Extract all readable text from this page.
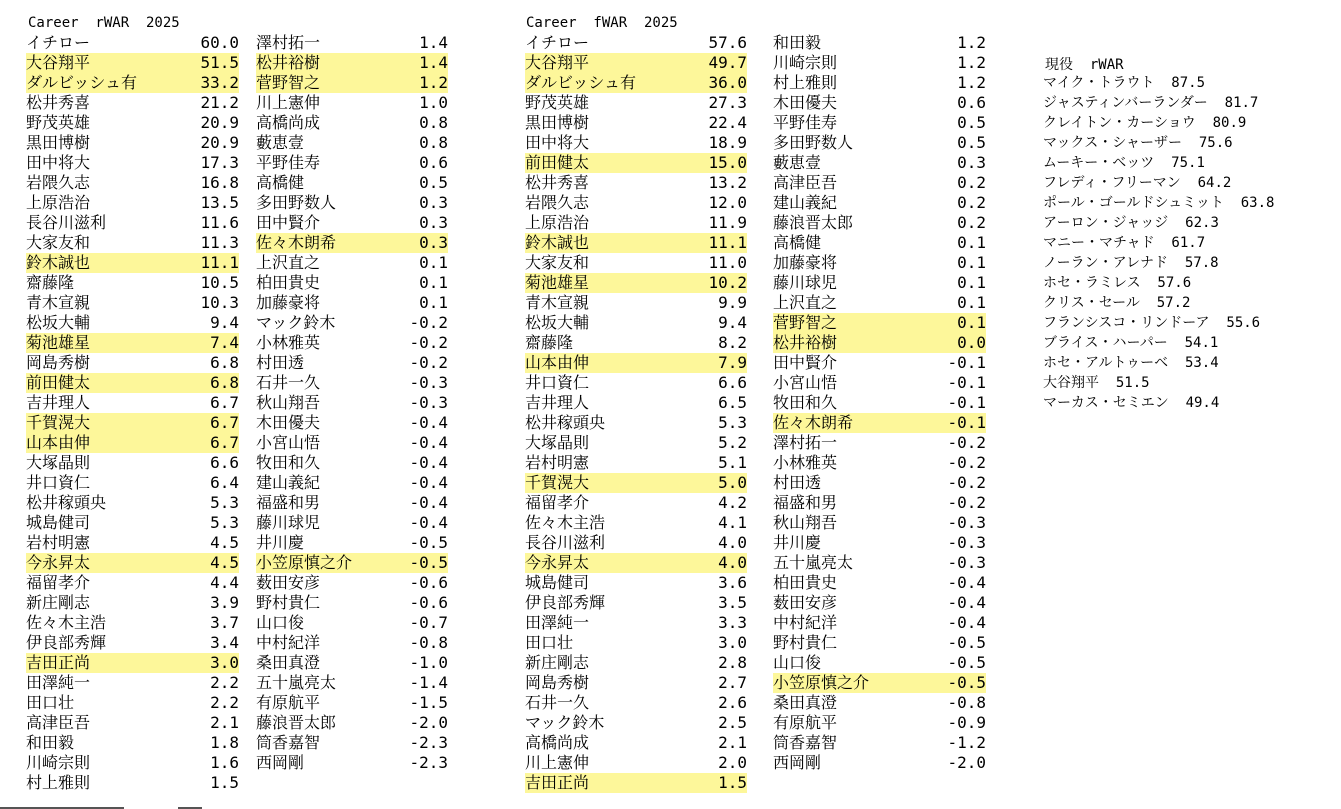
Career  rWAR  2025	Career  fWAR  2025
現役  rWAR
イチロー	60.0
大谷翔平	51.5
ダルビッシュ有	33.2
松井秀喜	21.2
野茂英雄	20.9
黒田博樹	20.9
田中将大	17.3
岩隈久志	16.8
上原浩治	13.5
長谷川滋利	11.6
大家友和	11.3
鈴木誠也	11.1
齋藤隆	10.5
青木宣親	10.3
松坂大輔	9.4
菊池雄星	7.4
岡島秀樹	6.8
前田健太	6.8
吉井理人	6.7
千賀滉大	6.7
山本由伸	6.7
大塚晶則	6.6
井口資仁	6.4
松井稼頭央	5.3
城島健司	5.3
岩村明憲	4.5
今永昇太	4.5
福留孝介	4.4
新庄剛志	3.9
佐々木主浩	3.7
伊良部秀輝	3.4
吉田正尚	3.0
田澤純一	2.2
田口壮	2.2
高津臣吾	2.1
和田毅	1.8
川崎宗則	1.6
村上雅則	1.5
澤村拓一	1.4
松井裕樹	1.4
菅野智之	1.2
川上憲伸	1.0
高橋尚成	0.8
藪恵壹	0.8
平野佳寿	0.6
高橋健	0.5
多田野数人	0.3
田中賢介	0.3
佐々木朗希	0.3
上沢直之	0.1
柏田貴史	0.1
加藤豪将	0.1
マック鈴木	-0.2
小林雅英	-0.2
村田透	-0.2
石井一久	-0.3
秋山翔吾	-0.3
木田優夫	-0.4
小宮山悟	-0.4
牧田和久	-0.4
建山義紀	-0.4
福盛和男	-0.4
藤川球児	-0.4
井川慶	-0.5
小笠原慎之介	-0.5
薮田安彦	-0.6
野村貴仁	-0.6
山口俊	-0.7
中村紀洋	-0.8
桑田真澄	-1.0
五十嵐亮太	-1.4
有原航平	-1.5
藤浪晋太郎	-2.0
筒香嘉智	-2.3
西岡剛	-2.3
イチロー	57.6
大谷翔平	49.7
ダルビッシュ有	36.0
野茂英雄	27.3
黒田博樹	22.4
田中将大	18.9
前田健太	15.0
松井秀喜	13.2
岩隈久志	12.0
上原浩治	11.9
鈴木誠也	11.1
大家友和	11.0
菊池雄星	10.2
青木宣親	9.9
松坂大輔	9.4
齋藤隆	8.2
山本由伸	7.9
井口資仁	6.6
吉井理人	6.5
松井稼頭央	5.3
大塚晶則	5.2
岩村明憲	5.1
千賀滉大	5.0
福留孝介	4.2
佐々木主浩	4.1
長谷川滋利	4.0
今永昇太	4.0
城島健司	3.6
伊良部秀輝	3.5
田澤純一	3.3
田口壮	3.0
新庄剛志	2.8
岡島秀樹	2.7
石井一久	2.6
マック鈴木	2.5
高橋尚成	2.1
川上憲伸	2.0
吉田正尚	1.5
和田毅	1.2
川崎宗則	1.2
村上雅則	1.2
木田優夫	0.6
平野佳寿	0.5
多田野数人	0.5
藪恵壹	0.3
高津臣吾	0.2
建山義紀	0.2
藤浪晋太郎	0.2
高橋健	0.1
加藤豪将	0.1
藤川球児	0.1
上沢直之	0.1
菅野智之	0.1
松井裕樹	0.0
田中賢介	-0.1
小宮山悟	-0.1
牧田和久	-0.1
佐々木朗希	-0.1
澤村拓一	-0.2
小林雅英	-0.2
村田透	-0.2
福盛和男	-0.2
秋山翔吾	-0.3
井川慶	-0.3
五十嵐亮太	-0.3
柏田貴史	-0.4
薮田安彦	-0.4
中村紀洋	-0.4
野村貴仁	-0.5
山口俊	-0.5
小笠原慎之介	-0.5
桑田真澄	-0.8
有原航平	-0.9
筒香嘉智	-1.2
西岡剛	-2.0
マイク・トラウト  87.5
ジャスティンバーランダー  81.7
クレイトン・カーショウ  80.9
マックス・シャーザー  75.6
ムーキー・ベッツ  75.1
フレディ・フリーマン  64.2
ポール・ゴールドシュミット  63.8
アーロン・ジャッジ  62.3
マニー・マチャド  61.7
ノーラン・アレナド  57.8
ホセ・ラミレス  57.6
クリス・セール  57.2
フランシスコ・リンドーア  55.6
ブライス・ハーパー  54.1
ホセ・アルトゥーベ  53.4
大谷翔平  51.5
マーカス・セミエン  49.4
